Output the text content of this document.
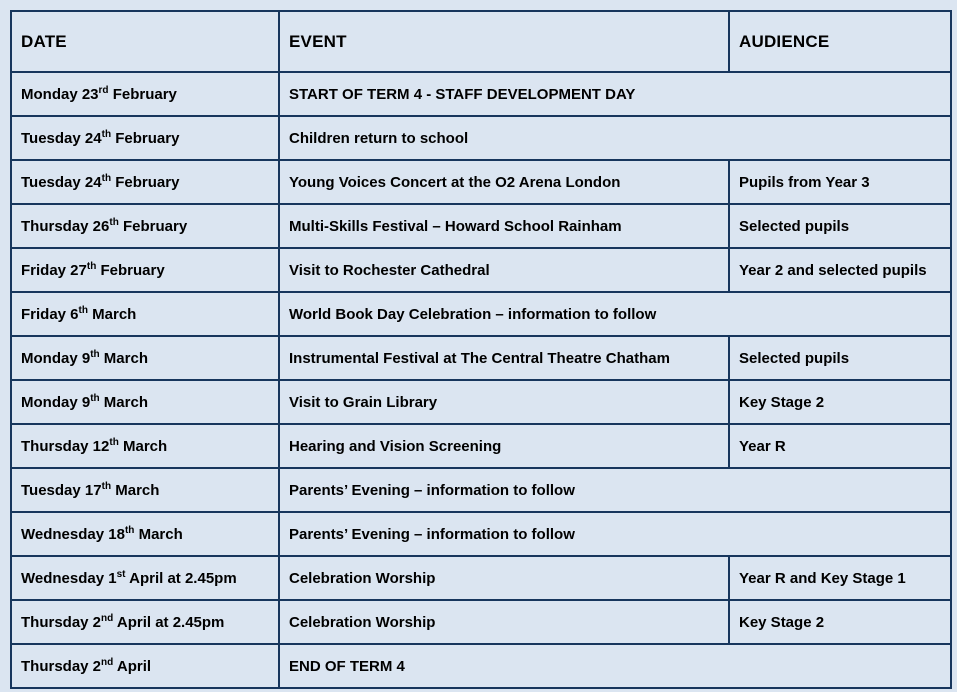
DATE	EVENT	AUDIENCE
Monday 23rd February	START OF TERM 4 - STAFF DEVELOPMENT DAY	
Tuesday 24th February	Children return to school	
Tuesday 24th February	Young Voices Concert at the O2 Arena London	Pupils from Year 3
Thursday 26th February	Multi-Skills Festival – Howard School Rainham	Selected pupils
Friday 27th February	Visit to Rochester Cathedral	Year 2 and selected pupils
Friday 6th March	World Book Day Celebration – information to follow	
Monday 9th March	Instrumental Festival at The Central Theatre Chatham	Selected pupils
Monday 9th March	Visit to Grain Library	Key Stage 2
Thursday 12th March	Hearing and Vision Screening	Year R
Tuesday 17th March	Parents’ Evening – information to follow	
Wednesday 18th March	Parents’ Evening – information to follow	
Wednesday 1st April at 2.45pm	Celebration Worship	Year R and Key Stage 1
Thursday 2nd April at 2.45pm	Celebration Worship	Key Stage 2
Thursday 2nd April	END OF TERM 4	
